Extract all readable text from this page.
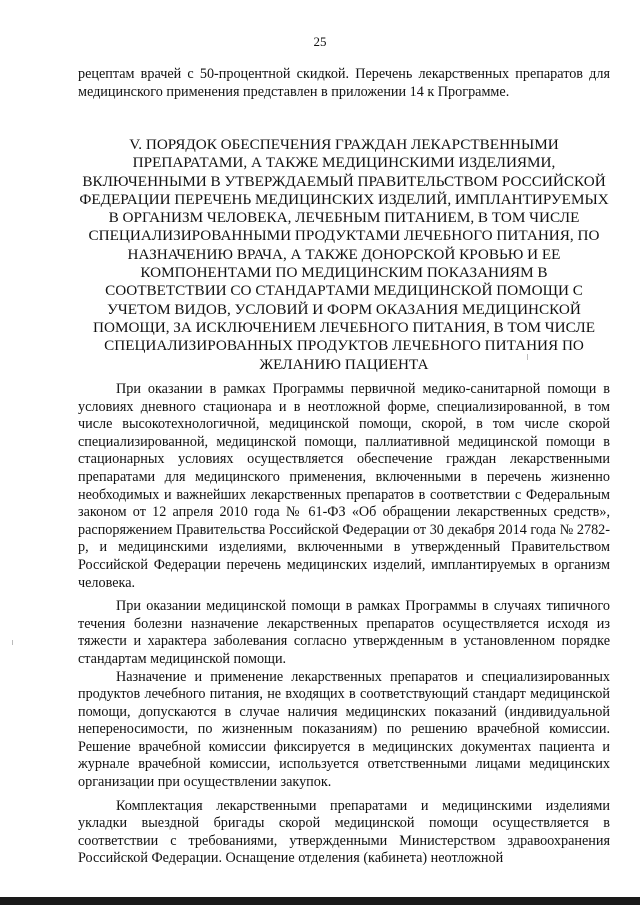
25
рецептам врачей с 50-процентной скидкой. Перечень лекарственных препаратов для медицинского применения представлен в приложении 14 к Программе.
V. ПОРЯДОК ОБЕСПЕЧЕНИЯ ГРАЖДАН ЛЕКАРСТВЕННЫМИ ПРЕПАРАТАМИ, А ТАКЖЕ МЕДИЦИНСКИМИ ИЗДЕЛИЯМИ, ВКЛЮЧЕННЫМИ В УТВЕРЖДАЕМЫЙ ПРАВИТЕЛЬСТВОМ РОССИЙСКОЙ ФЕДЕРАЦИИ ПЕРЕЧЕНЬ МЕДИЦИНСКИХ ИЗДЕЛИЙ, ИМПЛАНТИРУЕМЫХ В ОРГАНИЗМ ЧЕЛОВЕКА, ЛЕЧЕБНЫМ ПИТАНИЕМ, В ТОМ ЧИСЛЕ СПЕЦИАЛИЗИРОВАННЫМИ ПРОДУКТАМИ ЛЕЧЕБНОГО ПИТАНИЯ, ПО НАЗНАЧЕНИЮ ВРАЧА, А ТАКЖЕ ДОНОРСКОЙ КРОВЬЮ И ЕЕ КОМПОНЕНТАМИ ПО МЕДИЦИНСКИМ ПОКАЗАНИЯМ В СООТВЕТСТВИИ СО СТАНДАРТАМИ МЕДИЦИНСКОЙ ПОМОЩИ С УЧЕТОМ ВИДОВ, УСЛОВИЙ И ФОРМ ОКАЗАНИЯ МЕДИЦИНСКОЙ ПОМОЩИ, ЗА ИСКЛЮЧЕНИЕМ ЛЕЧЕБНОГО ПИТАНИЯ, В ТОМ ЧИСЛЕ СПЕЦИАЛИЗИРОВАННЫХ ПРОДУКТОВ ЛЕЧЕБНОГО ПИТАНИЯ ПО ЖЕЛАНИЮ ПАЦИЕНТА

При оказании в рамках Программы первичной медико-санитарной помощи в условиях дневного стационара и в неотложной форме, специализированной, в том числе высокотехнологичной, медицинской помощи, скорой, в том числе скорой специализированной, медицинской помощи, паллиативной медицинской помощи в стационарных условиях осуществляется обеспечение граждан лекарственными препаратами для медицинского применения, включенными в перечень жизненно необходимых и важнейших лекарственных препаратов в соответствии с Федеральным законом от 12 апреля 2010 года № 61-ФЗ «Об обращении лекарственных средств», распоряжением Правительства Российской Федерации от 30 декабря 2014 года № 2782-р, и медицинскими изделиями, включенными в утвержденный Правительством Российской Федерации перечень медицинских изделий, имплантируемых в организм человека.

При оказании медицинской помощи в рамках Программы в случаях типичного течения болезни назначение лекарственных препаратов осуществляется исходя из тяжести и характера заболевания согласно утвержденным в установленном порядке стандартам медицинской помощи.

Назначение и применение лекарственных препаратов и специализированных продуктов лечебного питания, не входящих в соответствующий стандарт медицинской помощи, допускаются в случае наличия медицинских показаний (индивидуальной непереносимости, по жизненным показаниям) по решению врачебной комиссии. Решение врачебной комиссии фиксируется в медицинских документах пациента и журнале врачебной комиссии, используется ответственными лицами медицинских организации при осуществлении закупок.

Комплектация лекарственными препаратами и медицинскими изделиями укладки выездной бригады скорой медицинской помощи осуществляется в соответствии с требованиями, утвержденными Министерством здравоохранения Российской Федерации. Оснащение отделения (кабинета) неотложной
